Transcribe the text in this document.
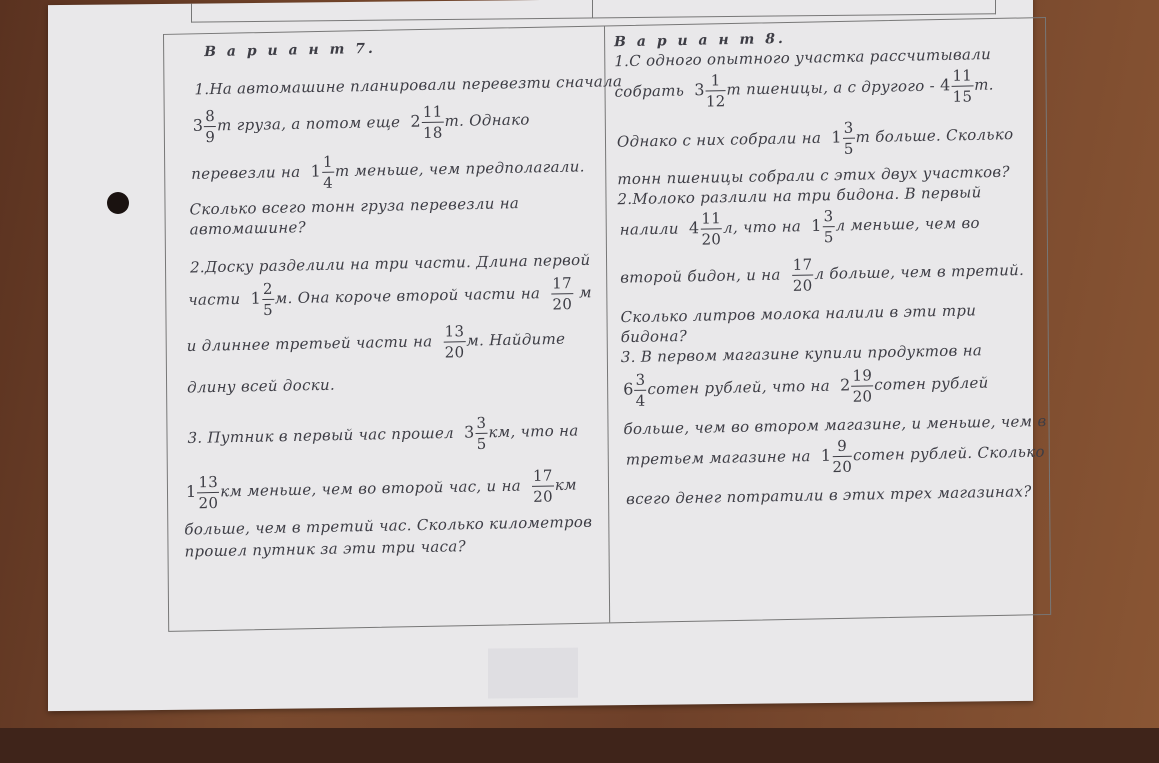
В а р и а н т 7.
1.На автомашине планировали перевезти сначала
$3 \frac{8}{9}$ т груза, а потом еще $2 \frac{11}{18} т$. Однако
перевезли на $1 \frac{1}{4}$ т меньше, чем предполагали.
Сколько всего тонн груза перевезли на
автомашине?
2.Доску разделили на три части. Длина первой
части $1 \frac{2}{5} м$. Она короче второй части на $\frac{17}{20}$ м
и длиннее третьей части на $\frac{13}{20} м$. Найдите
длину всей доски.
3. Путник в первый час прошел $3 \frac{3}{5}$ км, что на
$1 \frac{13}{20}$ км меньше, чем во второй час, и на $\frac{17}{20}$ км
больше, чем в третий час. Сколько километров
прошел путник за эти три часа?
В а р и а н т 8.
1.С одного опытного участка рассчитывали
собрать $3 \frac{1}{12}$ т пшеницы, а с другого - $4 \frac{11}{15} т$.
Однако с них собрали на $1 \frac{3}{5}$ т больше. Сколько
тонн пшеницы собрали с этих двух участков?
2.Молоко разлили на три бидона. В первый
налили $4 \frac{11}{20} л$, что на $1 \frac{3}{5}$ л меньше, чем во
второй бидон, и на $\frac{17}{20}$ л больше, чем в третий.
Сколько литров молока налили в эти три
бидона?
3. В первом магазине купили продуктов на
$6 \frac{3}{4}$ сотен рублей, что на $2 \frac{19}{20}$ сотен рублей
больше, чем во втором магазине, и меньше, чем в
третьем магазине на $1 \frac{9}{20}$ сотен рублей. Сколько
всего денег потратили в этих трех магазинах?
